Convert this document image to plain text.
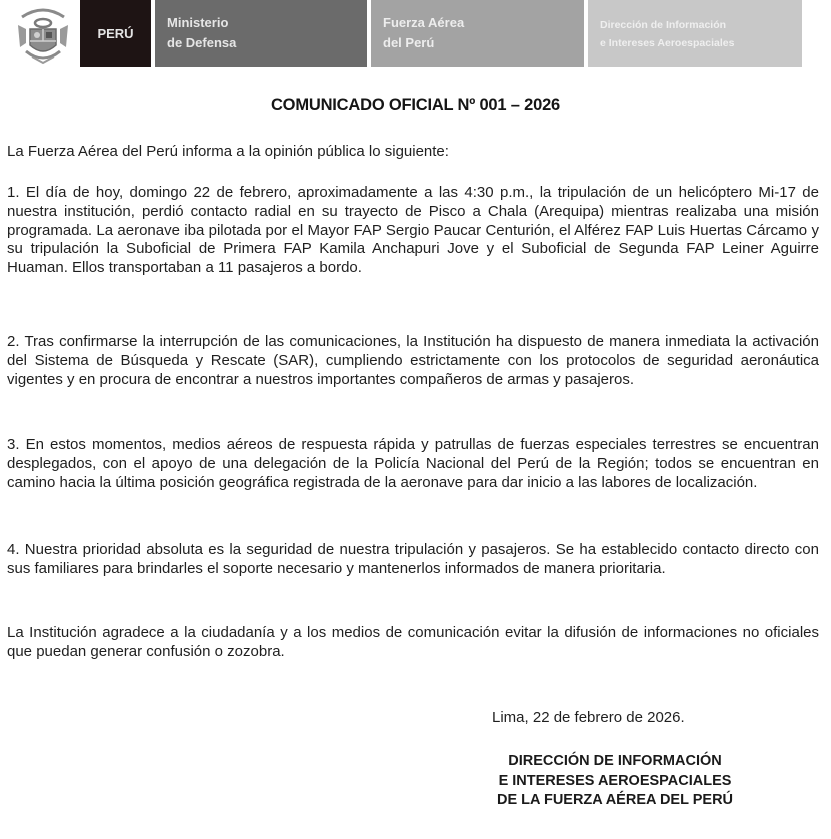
PERÚ
Ministerio
de Defensa
Fuerza Aérea
del Perú
Dirección de Información
e Intereses Aeroespaciales
COMUNICADO OFICIAL Nº 001 – 2026
La Fuerza Aérea del Perú informa a la opinión pública lo siguiente:
1. El día de hoy, domingo 22 de febrero, aproximadamente a las 4:30 p.m., la tripulación de un helicóptero Mi-17 de nuestra institución, perdió contacto radial en su trayecto de Pisco a Chala (Arequipa) mientras realizaba una misión programada. La aeronave iba pilotada por el Mayor FAP Sergio Paucar Centurión, el Alférez FAP Luis Huertas Cárcamo y su tripulación la Suboficial de Primera FAP Kamila Anchapuri Jove y el Suboficial de Segunda FAP Leiner Aguirre Huaman. Ellos transportaban a 11 pasajeros a bordo.
2. Tras confirmarse la interrupción de las comunicaciones, la Institución ha dispuesto de manera inmediata la activación del Sistema de Búsqueda y Rescate (SAR), cumpliendo estrictamente con los protocolos de seguridad aeronáutica vigentes y en procura de encontrar a nuestros importantes compañeros de armas y pasajeros.
3. En estos momentos, medios aéreos de respuesta rápida y patrullas de fuerzas especiales terrestres se encuentran desplegados, con el apoyo de una delegación de la Policía Nacional del Perú de la Región; todos se encuentran en camino hacia la última posición geográfica registrada de la aeronave para dar inicio a las labores de localización.
4. Nuestra prioridad absoluta es la seguridad de nuestra tripulación y pasajeros. Se ha establecido contacto directo con sus familiares para brindarles el soporte necesario y mantenerlos informados de manera prioritaria.
La Institución agradece a la ciudadanía y a los medios de comunicación evitar la difusión de informaciones no oficiales que puedan generar confusión o zozobra.
Lima, 22 de febrero de 2026.
DIRECCIÓN DE INFORMACIÓN
E INTERESES AEROESPACIALES
DE LA FUERZA AÉREA DEL PERÚ
